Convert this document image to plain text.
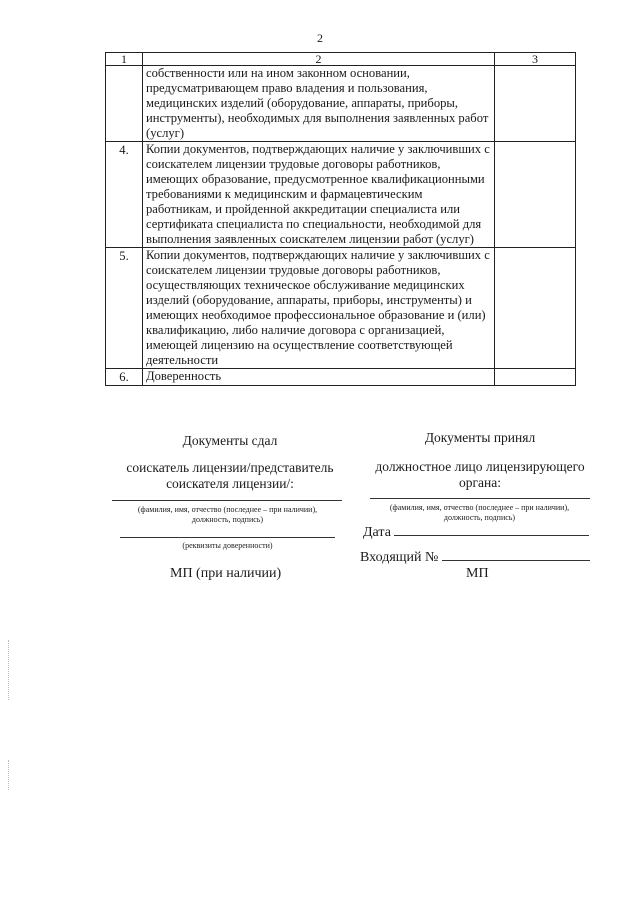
2
1	2	3
	собственности или на ином законном основании, предусматривающем право владения и пользования, медицинских изделий (оборудование, аппараты, приборы, инструменты), необходимых для выполнения заявленных работ (услуг)	
4.	Копии документов, подтверждающих наличие у заключивших с соискателем лицензии трудовые договоры работников, имеющих образование, предусмотренное квалификационными требованиями к медицинским и фармацевтическим работникам, и пройденной аккредитации специалиста или сертификата специалиста по специальности, необходимой для выполнения заявленных соискателем лицензии работ (услуг)	
5.	Копии документов, подтверждающих наличие у заключивших с соискателем лицензии трудовые договоры работников, осуществляющих техническое обслуживание медицинских изделий (оборудование, аппараты, приборы, инструменты) и имеющих необходимое профессиональное образование и (или) квалификацию, либо наличие договора с организацией, имеющей лицензию на осуществление соответствующей деятельности	
6.	Доверенность	
Документы сдал
соискатель лицензии/представитель
соискателя лицензии/:
(фамилия, имя, отчество (последнее – при наличии),
должность, подпись)
(реквизиты доверенности)
МП (при наличии)
Документы принял
должностное лицо лицензирующего
органа:
(фамилия, имя, отчество (последнее – при наличии),
должность, подпись)
Дата
Входящий №
МП
